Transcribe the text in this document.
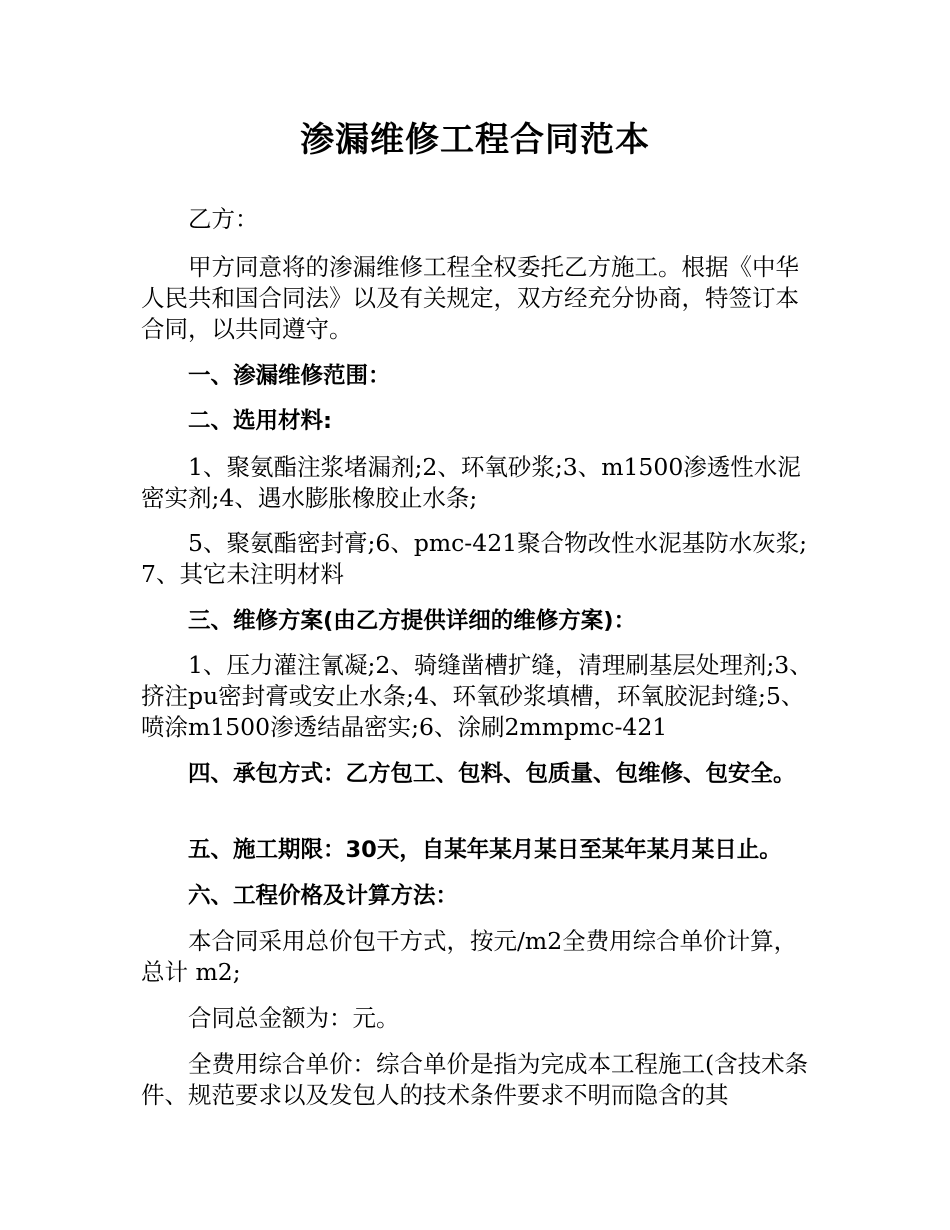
渗漏维修工程合同范本

乙方：

甲方同意将的渗漏维修工程全权委托乙方施工。根据《中华人民共和国合同法》以及有关规定，双方经充分协商，特签订本合同，以共同遵守。

一、渗漏维修范围：

二、选用材料:

1、聚氨酯注浆堵漏剂;2、环氧砂浆;3、m1500渗透性水泥密实剂;4、遇水膨胀橡胶止水条;

5、聚氨酯密封膏;6、pmc-421聚合物改性水泥基防水灰浆;7、其它未注明材料

三、维修方案(由乙方提供详细的维修方案)：

1、压力灌注氰凝;2、骑缝凿槽扩缝，清理刷基层处理剂;3、挤注pu密封膏或安止水条;4、环氧砂浆填槽，环氧胶泥封缝;5、喷涂m1500渗透结晶密实;6、涂刷2mmpmc-421

四、承包方式：乙方包工、包料、包质量、包维修、包安全。

五、施工期限：30天，自某年某月某日至某年某月某日止。

六、工程价格及计算方法：

本合同采用总价包干方式，按元/m2全费用综合单价计算，总计 m2;

合同总金额为：元。

全费用综合单价：综合单价是指为完成本工程施工(含技术条件、规范要求以及发包人的技术条件要求不明而隐含的其
